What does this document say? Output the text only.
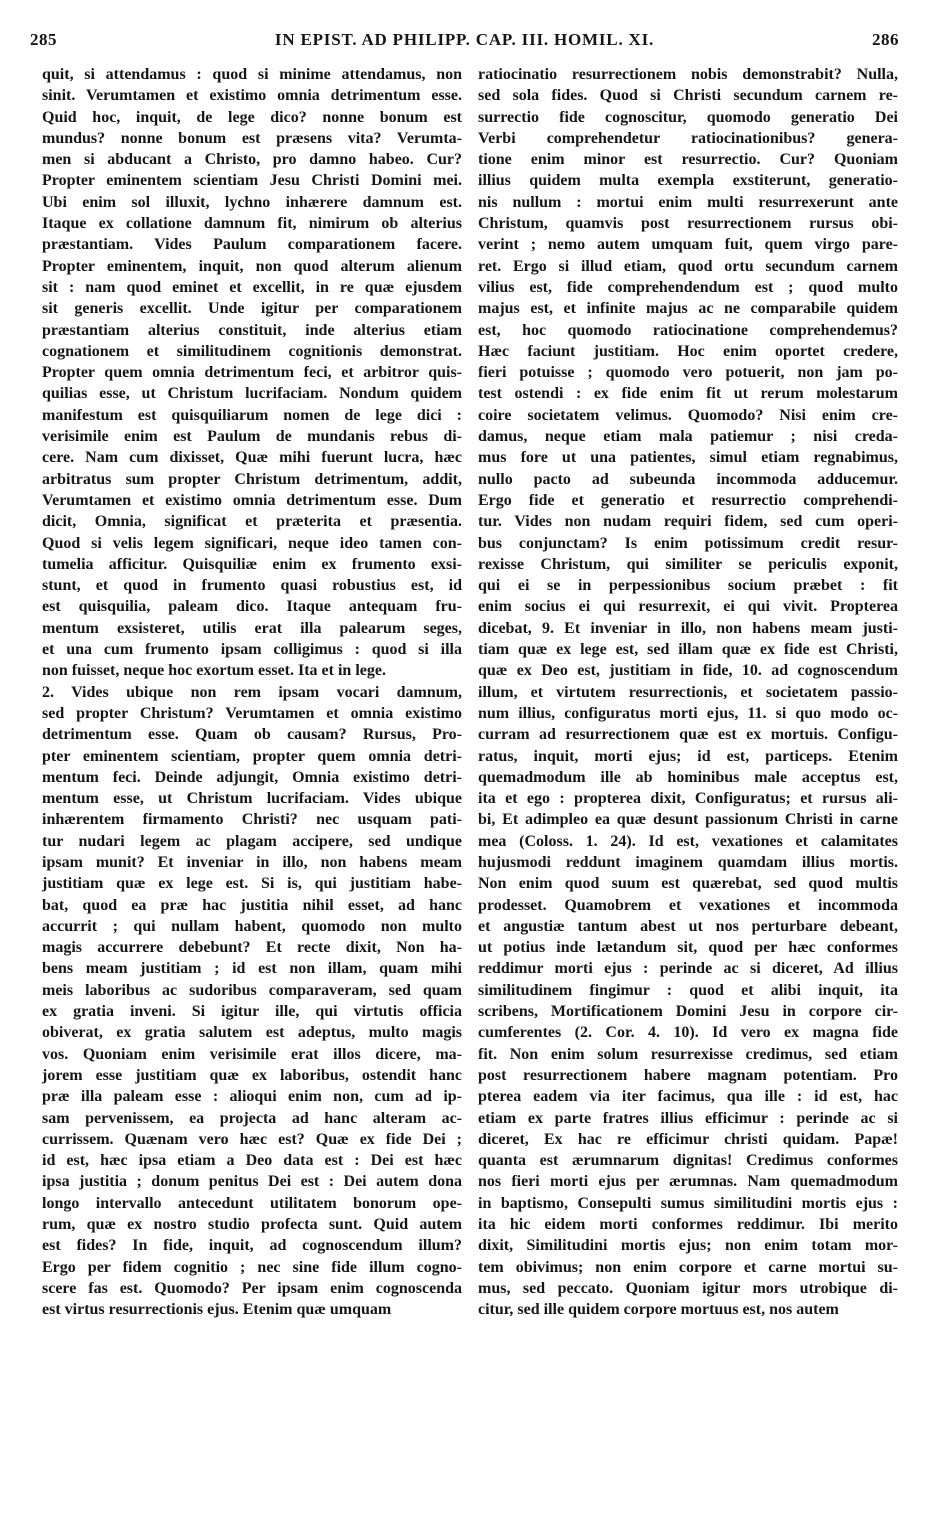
285	IN EPIST. AD PHILIPP. CAP. III. HOMIL. XI.	286
quit, si attendamus : quod si minime attendamus, non
sinit. Verumtamen et existimo omnia detrimentum esse.
Quid hoc, inquit, de lege dico? nonne bonum est
mundus? nonne bonum est præsens vita? Verumta-
men si abducant a Christo, pro damno habeo. Cur?
Propter eminentem scientiam Jesu Christi Domini mei.
Ubi enim sol illuxit, lychno inhærere damnum est.
Itaque ex collatione damnum fit, nimirum ob alterius
præstantiam. Vides Paulum comparationem facere.
Propter eminentem, inquit, non quod alterum alienum
sit : nam quod eminet et excellit, in re quæ ejusdem
sit generis excellit. Unde igitur per comparationem
præstantiam alterius constituit, inde alterius etiam
cognationem et similitudinem cognitionis demonstrat.
Propter quem omnia detrimentum feci, et arbitror quis-
quilias esse, ut Christum lucrifaciam. Nondum quidem
manifestum est quisquiliarum nomen de lege dici :
verisimile enim est Paulum de mundanis rebus di-
cere. Nam cum dixisset, Quæ mihi fuerunt lucra, hæc
arbitratus sum propter Christum detrimentum, addit,
Verumtamen et existimo omnia detrimentum esse. Dum
dicit, Omnia, significat et præterita et præsentia.
Quod si velis legem significari, neque ideo tamen con-
tumelia afficitur. Quisquiliæ enim ex frumento exsi-
stunt, et quod in frumento quasi robustius est, id
est quisquilia, paleam dico. Itaque antequam fru-
mentum exsisteret, utilis erat illa palearum seges,
et una cum frumento ipsam colligimus : quod si illa
non fuisset, neque hoc exortum esset. Ita et in lege.
2. Vides ubique non rem ipsam vocari damnum,
sed propter Christum? Verumtamen et omnia existimo
detrimentum esse. Quam ob causam? Rursus, Pro-
pter eminentem scientiam, propter quem omnia detri-
mentum feci. Deinde adjungit, Omnia existimo detri-
mentum esse, ut Christum lucrifaciam. Vides ubique
inhærentem firmamento Christi? nec usquam pati-
tur nudari legem ac plagam accipere, sed undique
ipsam munit? Et inveniar in illo, non habens meam
justitiam quæ ex lege est. Si is, qui justitiam habe-
bat, quod ea præ hac justitia nihil esset, ad hanc
accurrit ; qui nullam habent, quomodo non multo
magis accurrere debebunt? Et recte dixit, Non ha-
bens meam justitiam ; id est non illam, quam mihi
meis laboribus ac sudoribus comparaveram, sed quam
ex gratia inveni. Si igitur ille, qui virtutis officia
obiverat, ex gratia salutem est adeptus, multo magis
vos. Quoniam enim verisimile erat illos dicere, ma-
jorem esse justitiam quæ ex laboribus, ostendit hanc
præ illa paleam esse : alioqui enim non, cum ad ip-
sam pervenissem, ea projecta ad hanc alteram ac-
currissem. Quænam vero hæc est? Quæ ex fide Dei ;
id est, hæc ipsa etiam a Deo data est : Dei est hæc
ipsa justitia ; donum penitus Dei est : Dei autem dona
longo intervallo antecedunt utilitatem bonorum ope-
rum, quæ ex nostro studio profecta sunt. Quid autem
est fides? In fide, inquit, ad cognoscendum illum?
Ergo per fidem cognitio ; nec sine fide illum cogno-
scere fas est. Quomodo? Per ipsam enim cognoscenda
est virtus resurrectionis ejus. Etenim quæ umquam
ratiocinatio resurrectionem nobis demonstrabit? Nulla,
sed sola fides. Quod si Christi secundum carnem re-
surrectio fide cognoscitur, quomodo generatio Dei
Verbi comprehendetur ratiocinationibus? genera-
tione enim minor est resurrectio. Cur? Quoniam
illius quidem multa exempla exstiterunt, generatio-
nis nullum : mortui enim multi resurrexerunt ante
Christum, quamvis post resurrectionem rursus obi-
verint ; nemo autem umquam fuit, quem virgo pare-
ret. Ergo si illud etiam, quod ortu secundum carnem
vilius est, fide comprehendendum est ; quod multo
majus est, et infinite majus ac ne comparabile quidem
est, hoc quomodo ratiocinatione comprehendemus?
Hæc faciunt justitiam. Hoc enim oportet credere,
fieri potuisse ; quomodo vero potuerit, non jam po-
test ostendi : ex fide enim fit ut rerum molestarum
coire societatem velimus. Quomodo? Nisi enim cre-
damus, neque etiam mala patiemur ; nisi creda-
mus fore ut una patientes, simul etiam regnabimus,
nullo pacto ad subeunda incommoda adducemur.
Ergo fide et generatio et resurrectio comprehendi-
tur. Vides non nudam requiri fidem, sed cum operi-
bus conjunctam? Is enim potissimum credit resur-
rexisse Christum, qui similiter se periculis exponit,
qui ei se in perpessionibus socium præbet : fit
enim socius ei qui resurrexit, ei qui vivit. Propterea
dicebat, 9. Et inveniar in illo, non habens meam justi-
tiam quæ ex lege est, sed illam quæ ex fide est Christi,
quæ ex Deo est, justitiam in fide, 10. ad cognoscendum
illum, et virtutem resurrectionis, et societatem passio-
num illius, configuratus morti ejus, 11. si quo modo oc-
curram ad resurrectionem quæ est ex mortuis. Configu-
ratus, inquit, morti ejus; id est, particeps. Etenim
quemadmodum ille ab hominibus male acceptus est,
ita et ego : propterea dixit, Configuratus; et rursus ali-
bi, Et adimpleo ea quæ desunt passionum Christi in carne
mea (Coloss. 1. 24). Id est, vexationes et calamitates
hujusmodi reddunt imaginem quamdam illius mortis.
Non enim quod suum est quærebat, sed quod multis
prodesset. Quamobrem et vexationes et incommoda
et angustiæ tantum abest ut nos perturbare debeant,
ut potius inde lætandum sit, quod per hæc conformes
reddimur morti ejus : perinde ac si diceret, Ad illius
similitudinem fingimur : quod et alibi inquit, ita
scribens, Mortificationem Domini Jesu in corpore cir-
cumferentes (2. Cor. 4. 10). Id vero ex magna fide
fit. Non enim solum resurrexisse credimus, sed etiam
post resurrectionem habere magnam potentiam. Pro
pterea eadem via iter facimus, qua ille : id est, hac
etiam ex parte fratres illius efficimur : perinde ac si
diceret, Ex hac re efficimur christi quidam. Papæ!
quanta est ærumnarum dignitas! Credimus conformes
nos fieri morti ejus per ærumnas. Nam quemadmodum
in baptismo, Consepulti sumus similitudini mortis ejus :
ita hic eidem morti conformes reddimur. Ibi merito
dixit, Similitudini mortis ejus; non enim totam mor-
tem obivimus; non enim corpore et carne mortui su-
mus, sed peccato. Quoniam igitur mors utrobique di-
citur, sed ille quidem corpore mortuus est, nos autem
